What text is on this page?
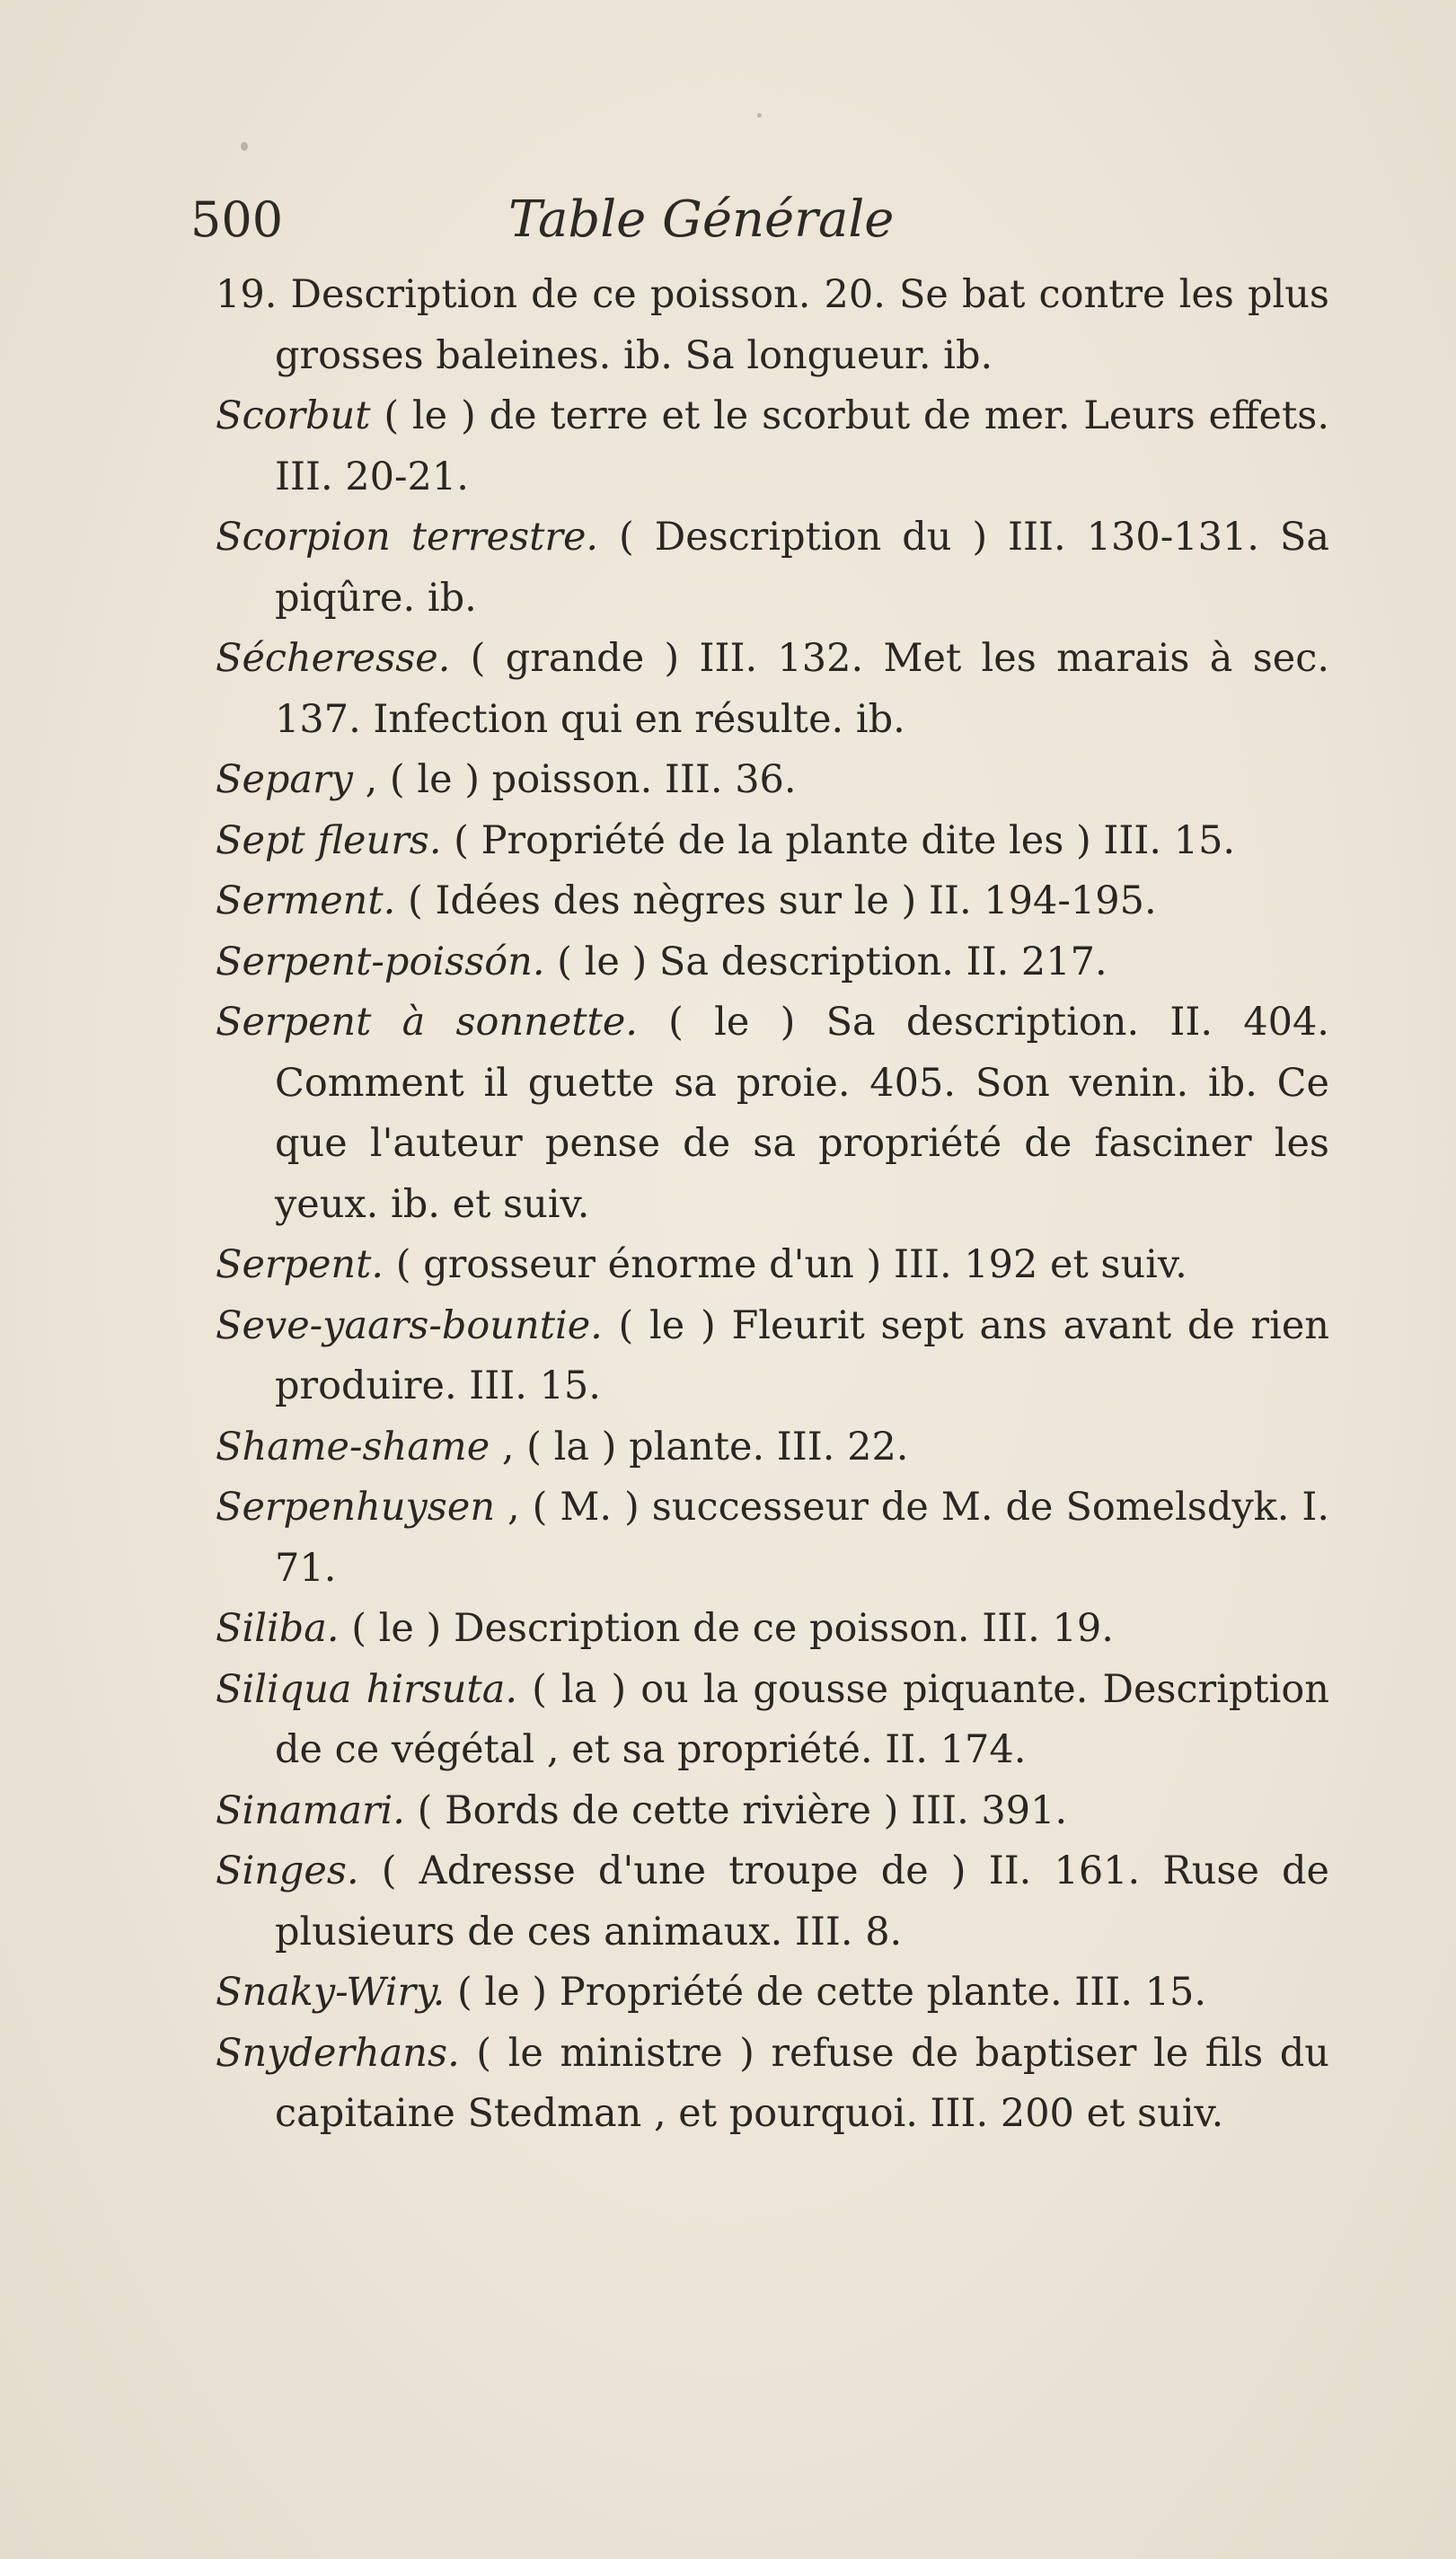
500	Table Générale

19. Description de ce poisson. 20. Se bat contre les plus grosses baleines. ib. Sa longueur. ib.

Scorbut ( le ) de terre et le scorbut de mer. Leurs effets. III. 20-21.

Scorpion terrestre. ( Description du ) III. 130-131. Sa piqûre. ib.

Sécheresse. ( grande ) III. 132. Met les marais à sec. 137. Infection qui en résulte. ib.

Separy , ( le ) poisson. III. 36.

Sept fleurs. ( Propriété de la plante dite les ) III. 15.

Serment. ( Idées des nègres sur le ) II. 194-195.

Serpent-poissón. ( le ) Sa description. II. 217.

Serpent à sonnette. ( le ) Sa description. II. 404. Comment il guette sa proie. 405. Son venin. ib. Ce que l'auteur pense de sa propriété de fasciner les yeux. ib. et suiv.

Serpent. ( grosseur énorme d'un ) III. 192 et suiv.

Seve-yaars-bountie. ( le ) Fleurit sept ans avant de rien produire. III. 15.

Shame-shame , ( la ) plante. III. 22.

Serpenhuysen , ( M. ) successeur de M. de Somelsdyk. I. 71.

Siliba. ( le ) Description de ce poisson. III. 19.

Siliqua hirsuta. ( la ) ou la gousse piquante. Description de ce végétal , et sa propriété. II. 174.

Sinamari. ( Bords de cette rivière ) III. 391.

Singes. ( Adresse d'une troupe de ) II. 161. Ruse de plusieurs de ces animaux. III. 8.

Snaky-Wiry. ( le ) Propriété de cette plante. III. 15.

Snyderhans. ( le ministre ) refuse de baptiser le fils du capitaine Stedman , et pourquoi. III. 200 et suiv.
